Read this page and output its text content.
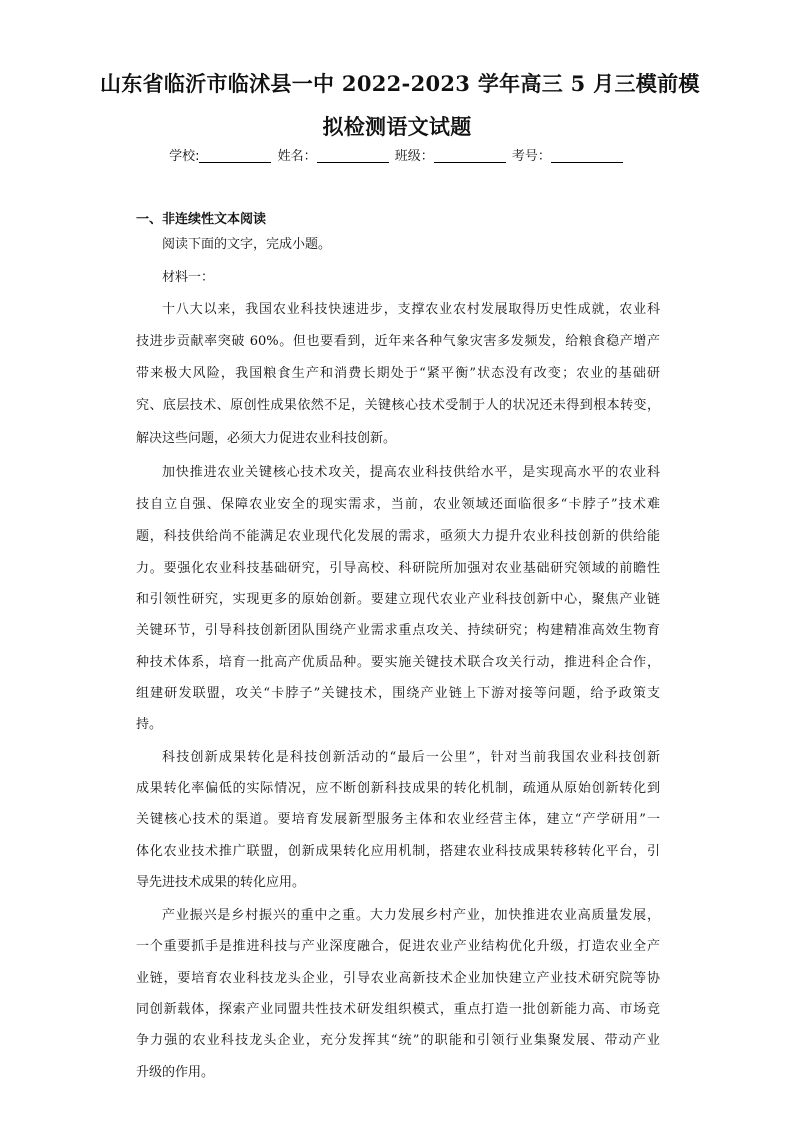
山东省临沂市临沭县一中 2022-2023 学年高三 5 月三模前模
拟检测语文试题
学校:	姓名：	班级：	考号：
一、非连续性文本阅读
阅读下面的文字，完成小题。
材料一：
十八大以来，我国农业科技快速进步，支撑农业农村发展取得历史性成就，农业科
技进步贡献率突破 60%。但也要看到，近年来各种气象灾害多发频发，给粮食稳产增产
带来极大风险，我国粮食生产和消费长期处于“紧平衡”状态没有改变；农业的基础研
究、底层技术、原创性成果依然不足，关键核心技术受制于人的状况还未得到根本转变，
解决这些问题，必须大力促进农业科技创新。
加快推进农业关键核心技术攻关，提高农业科技供给水平，是实现高水平的农业科
技自立自强、保障农业安全的现实需求，当前，农业领域还面临很多“卡脖子”技术难
题，科技供给尚不能满足农业现代化发展的需求，亟须大力提升农业科技创新的供给能
力。要强化农业科技基础研究，引导高校、科研院所加强对农业基础研究领域的前瞻性
和引领性研究，实现更多的原始创新。要建立现代农业产业科技创新中心，聚焦产业链
关键环节，引导科技创新团队围绕产业需求重点攻关、持续研究；构建精准高效生物育
种技术体系，培育一批高产优质品种。要实施关键技术联合攻关行动，推进科企合作，
组建研发联盟，攻关“卡脖子”关键技术，围绕产业链上下游对接等问题，给予政策支
持。
科技创新成果转化是科技创新活动的“最后一公里”，针对当前我国农业科技创新
成果转化率偏低的实际情况，应不断创新科技成果的转化机制，疏通从原始创新转化到
关键核心技术的渠道。要培育发展新型服务主体和农业经营主体，建立“产学研用”一
体化农业技术推广联盟，创新成果转化应用机制，搭建农业科技成果转移转化平台，引
导先进技术成果的转化应用。
产业振兴是乡村振兴的重中之重。大力发展乡村产业，加快推进农业高质量发展，
一个重要抓手是推进科技与产业深度融合，促进农业产业结构优化升级，打造农业全产
业链，要培育农业科技龙头企业，引导农业高新技术企业加快建立产业技术研究院等协
同创新载体，探索产业同盟共性技术研发组织模式，重点打造一批创新能力高、市场竞
争力强的农业科技龙头企业，充分发挥其“统”的职能和引领行业集聚发展、带动产业
升级的作用。
